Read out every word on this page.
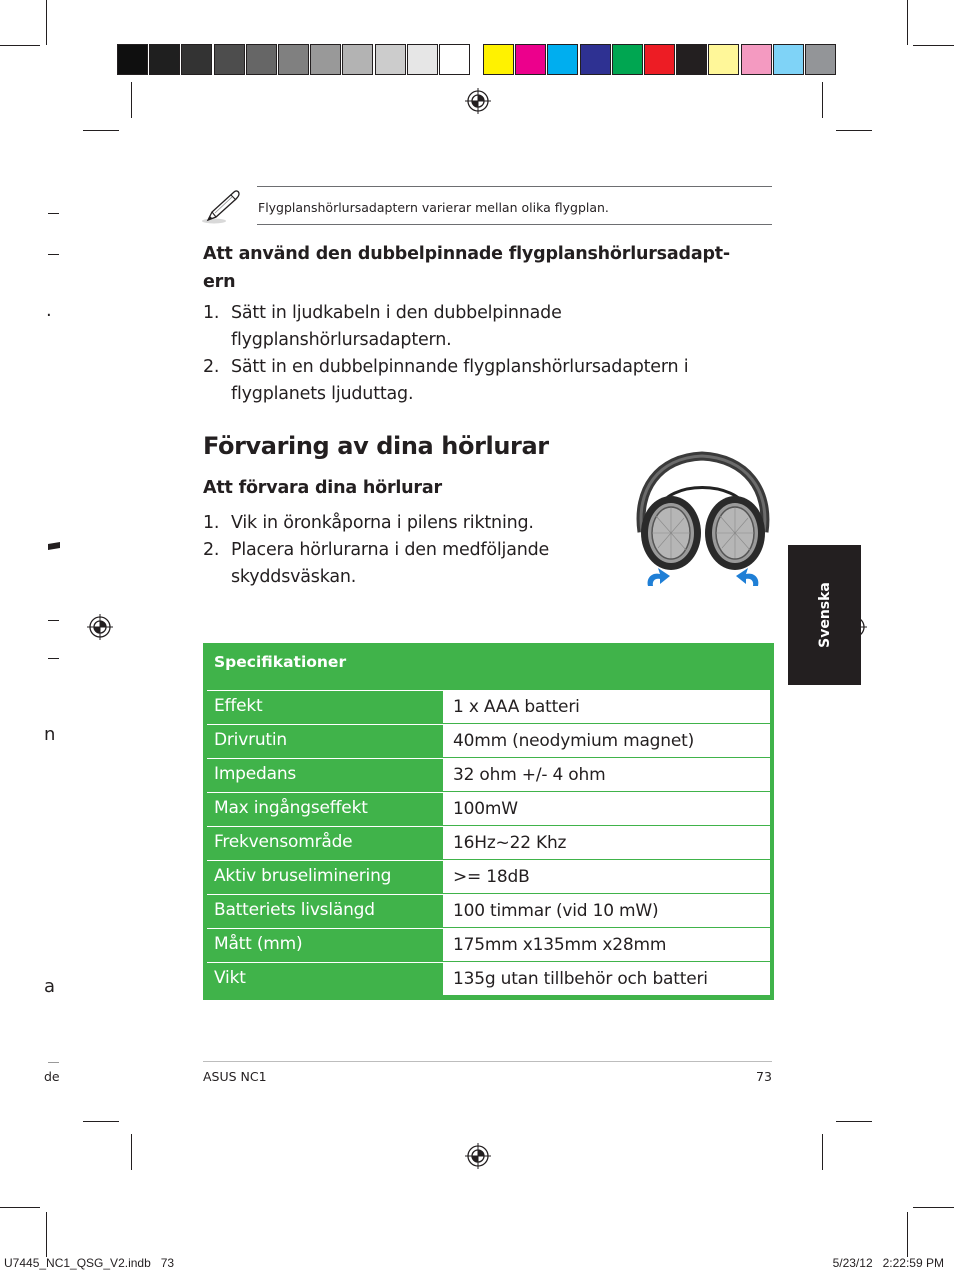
.
n
a
Flygplanshörlursadaptern varierar mellan olika flygplan.
Att använd den dubbelpinnade flygplanshörlursadapt-
ern
1. Sätt in ljudkabeln i den dubbelpinnade
flygplanshörlursadaptern.
2. Sätt in en dubbelpinnande flygplanshörlursadaptern i
flygplanets ljuduttag.
Förvaring av dina hörlurar
Att förvara dina hörlurar
1. Vik in öronkåporna i pilens riktning.
2. Placera hörlurarna i den medföljande
skyddsväskan.
Specifikationer
Effekt	1 x AAA batteri
Drivrutin	40mm (neodymium magnet)
Impedans	32 ohm +/- 4 ohm
Max ingångseffekt	100mW
Frekvensområde	16Hz~22 Khz
Aktiv bruseliminering	>= 18dB
Batteriets livslängd	100 timmar (vid 10 mW)
Mått (mm)	175mm x135mm x28mm
Vikt	135g utan tillbehör och batteri
Svenska
de	ASUS NC1	73
U7445_NC1_QSG_V2.indb   73	5/23/12   2:22:59 PM
